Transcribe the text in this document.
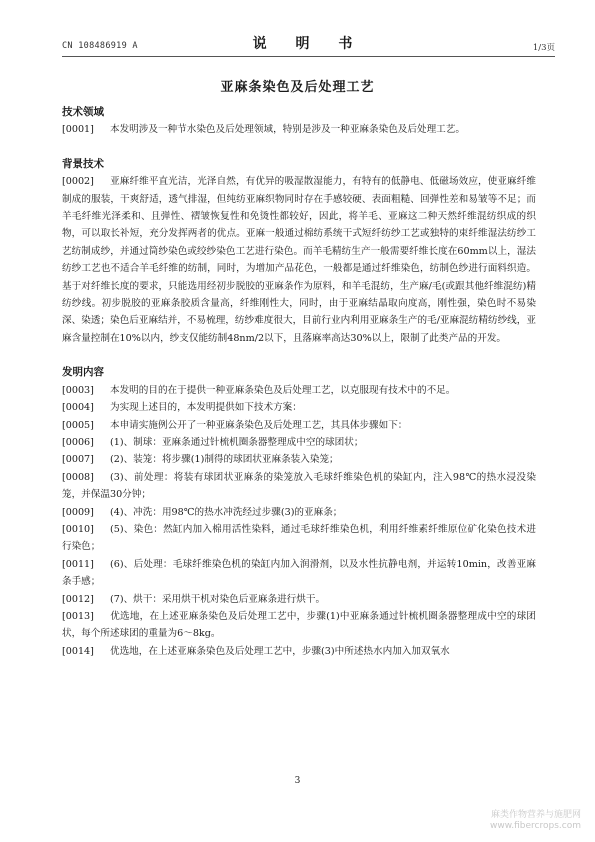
CN 108486919 A	说 明 书	1/3页
亚麻条染色及后处理工艺

技术领域

[0001] 本发明涉及一种节水染色及后处理领域，特别是涉及一种亚麻条染色及后处理工艺。

背景技术

[0002] 亚麻纤维平直光洁，光泽自然，有优异的吸湿散湿能力，有特有的低静电、低磁场效应，使亚麻纤维制成的服装，干爽舒适，透气排湿，但纯纺亚麻织物同时存在手感较硬、表面粗糙、回弹性差和易皱等不足；而羊毛纤维光泽柔和、且弹性、褶皱恢复性和免烫性都较好，因此，将羊毛、亚麻这二种天然纤维混纺织成的织物，可以取长补短，充分发挥两者的优点。亚麻一般通过棉纺系统干式短纤纺纱工艺或独特的束纤维湿法纺纱工艺纺制成纱，并通过筒纱染色或绞纱染色工艺进行染色。而羊毛精纺生产一般需要纤维长度在60mm以上，湿法纺纱工艺也不适合羊毛纤维的纺制，同时，为增加产品花色，一般都是通过纤维染色，纺制色纱进行面料织造。基于对纤维长度的要求，只能选用经初步脱胶的亚麻条作为原料，和羊毛混纺，生产麻/毛(或跟其他纤维混纺)精纺纱线。初步脱胶的亚麻条胶质含量高，纤维刚性大，同时，由于亚麻结晶取向度高，刚性强，染色时不易染深、染透；染色后亚麻结并，不易梳理，纺纱难度很大，目前行业内利用亚麻条生产的毛/亚麻混纺精纺纱线，亚麻含量控制在10%以内，纱支仅能纺制48nm/2以下，且落麻率高达30%以上，限制了此类产品的开发。

发明内容

[0003] 本发明的目的在于提供一种亚麻条染色及后处理工艺，以克服现有技术中的不足。

[0004] 为实现上述目的，本发明提供如下技术方案：

[0005] 本申请实施例公开了一种亚麻条染色及后处理工艺，其具体步骤如下：

[0006] (1)、制球：亚麻条通过针梳机圈条器整理成中空的球团状；

[0007] (2)、装笼：将步骤(1)制得的球团状亚麻条装入染笼；

[0008] (3)、前处理：将装有球团状亚麻条的染笼放入毛球纤维染色机的染缸内，注入98℃的热水浸没染笼，并保温30分钟；

[0009] (4)、冲洗：用98℃的热水冲洗经过步骤(3)的亚麻条；

[0010] (5)、染色：然缸内加入棉用活性染料，通过毛球纤维染色机，利用纤维素纤维原位矿化染色技术进行染色；

[0011] (6)、后处理：毛球纤维染色机的染缸内加入润滑剂，以及水性抗静电剂，并运转10min，改善亚麻条手感；

[0012] (7)、烘干：采用烘干机对染色后亚麻条进行烘干。

[0013] 优选地，在上述亚麻条染色及后处理工艺中，步骤(1)中亚麻条通过针梳机圈条器整理成中空的球团状，每个所述球团的重量为6～8kg。

[0014] 优选地，在上述亚麻条染色及后处理工艺中，步骤(3)中所述热水内加入加双氧水

3
麻类作物营养与施肥网
www.fibercrops.com
